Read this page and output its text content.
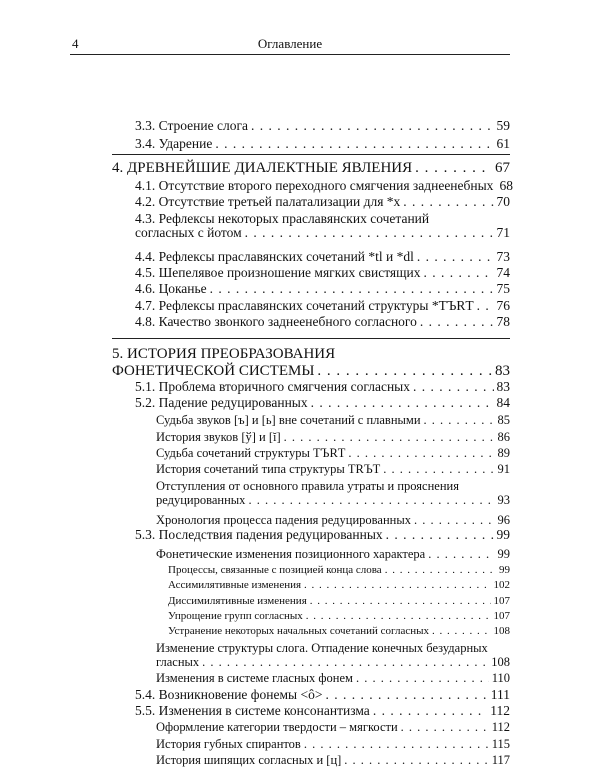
4	Оглавление
3.3. Строение слога . . .	59
3.4. Ударение . . .	61
4. ДРЕВНЕЙШИЕ ДИАЛЕКТНЫЕ ЯВЛЕНИЯ . . .	67
4.1. Отсутствие второго переходного смягчения заднеенебных 68
4.2. Отсутствие третьей палатализации для *x . . .	70
4.3. Рефлексы некоторых праславянских сочетаний
согласных с йотом . . .	71
4.4. Рефлексы праславянских сочетаний *tl и *dl . . .	73
4.5. Шепелявое произношение мягких свистящих . . .	74
4.6. Цоканье . . .	75
4.7. Рефлексы праславянских сочетаний структуры *ТЪRТ . . . 76
4.8. Качество звонкого заднеенебного согласного . . .	78
5. ИСТОРИЯ ПРЕОБРАЗОВАНИЯ
ФОНЕТИЧЕСКОЙ СИСТЕМЫ . . .	83
5.1. Проблема вторичного смягчения согласных . . .	83
5.2. Падение редуцированных . . .	84
Судьба звуков [ъ] и [ь] вне сочетаний с плавными . . .	85
История звуков [ў] и [ĭ] . . .	86
Судьба сочетаний структуры ТЪRТ . . .	89
История сочетаний типа структуры TRЪT . . .	91
Отступления от основного правила утраты и прояснения
редуцированных . . .	93
Хронология процесса падения редуцированных . . .	96
5.3. Последствия падения редуцированных . . .	99
Фонетические изменения позиционного характера . . .	99
Процессы, связанные с позицией конца слова . . .	99
Ассимилятивные изменения . . .	102
Диссимилятивные изменения . . .	107
Упрощение групп согласных . . .	107
Устранение некоторых начальных сочетаний согласных . . .	108
Изменение структуры слога. Отпадение конечных безударных
гласных . . .	108
Изменения в системе гласных фонем . . .	110
5.4. Возникновение фонемы <ô> . . .	111
5.5. Изменения в системе консонантизма . . .	112
Оформление категории твердости – мягкости . . .	112
История губных спирантов . . .	115
История шипящих согласных и [ц] . . .	117
